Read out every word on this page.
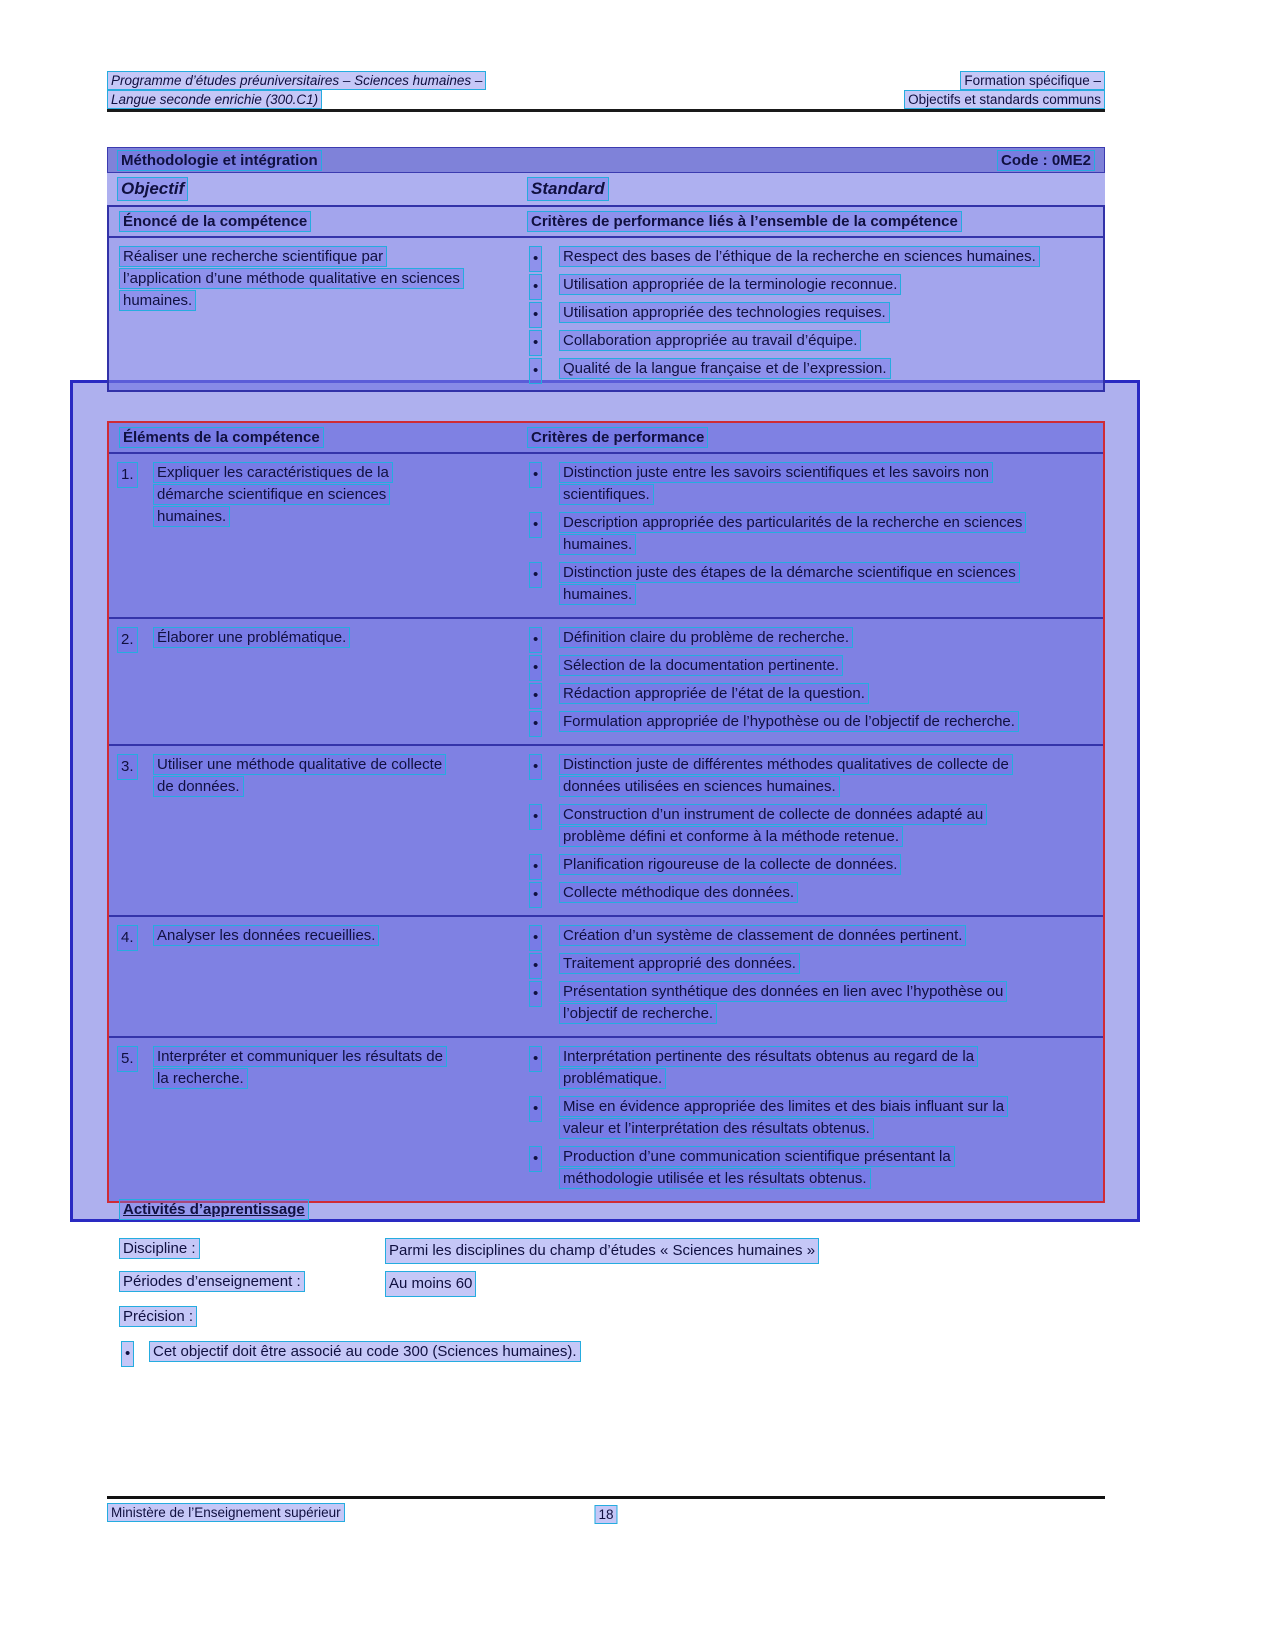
Programme d’études préuniversitaires – Sciences humaines –
Langue seconde enrichie (300.C1)
Formation spécifique –
Objectifs et standards communs
Méthodologie et intégration	Code : 0ME2
Objectif	Standard
Énoncé de la compétence	Critères de performance liés à l’ensemble de la compétence
Réaliser une recherche scientifique par l’application d’une méthode qualitative en sciences humaines.
• Respect des bases de l’éthique de la recherche en sciences humaines.
• Utilisation appropriée de la terminologie reconnue.
• Utilisation appropriée des technologies requises.
• Collaboration appropriée au travail d’équipe.
• Qualité de la langue française et de l’expression.
Éléments de la compétence	Critères de performance
1. Expliquer les caractéristiques de la démarche scientifique en sciences humaines.
• Distinction juste entre les savoirs scientifiques et les savoirs non scientifiques.
• Description appropriée des particularités de la recherche en sciences humaines.
• Distinction juste des étapes de la démarche scientifique en sciences humaines.
2. Élaborer une problématique.	• Définition claire du problème de recherche.
• Sélection de la documentation pertinente.
• Rédaction appropriée de l’état de la question.
• Formulation appropriée de l’hypothèse ou de l’objectif de recherche.
3. Utiliser une méthode qualitative de collecte de données.
• Distinction juste de différentes méthodes qualitatives de collecte de données utilisées en sciences humaines.
• Construction d’un instrument de collecte de données adapté au problème défini et conforme à la méthode retenue.
• Planification rigoureuse de la collecte de données.
• Collecte méthodique des données.
4. Analyser les données recueillies.	• Création d’un système de classement de données pertinent.
• Traitement approprié des données.
• Présentation synthétique des données en lien avec l’hypothèse ou l’objectif de recherche.
5. Interpréter et communiquer les résultats de la recherche.
• Interprétation pertinente des résultats obtenus au regard de la problématique.
• Mise en évidence appropriée des limites et des biais influant sur la valeur et l’interprétation des résultats obtenus.
• Production d’une communication scientifique présentant la méthodologie utilisée et les résultats obtenus.
Activités d’apprentissage
Discipline :	Parmi les disciplines du champ d’études « Sciences humaines »
Périodes d’enseignement :	Au moins 60
Précision :
• Cet objectif doit être associé au code 300 (Sciences humaines).
Ministère de l’Enseignement supérieur	18
